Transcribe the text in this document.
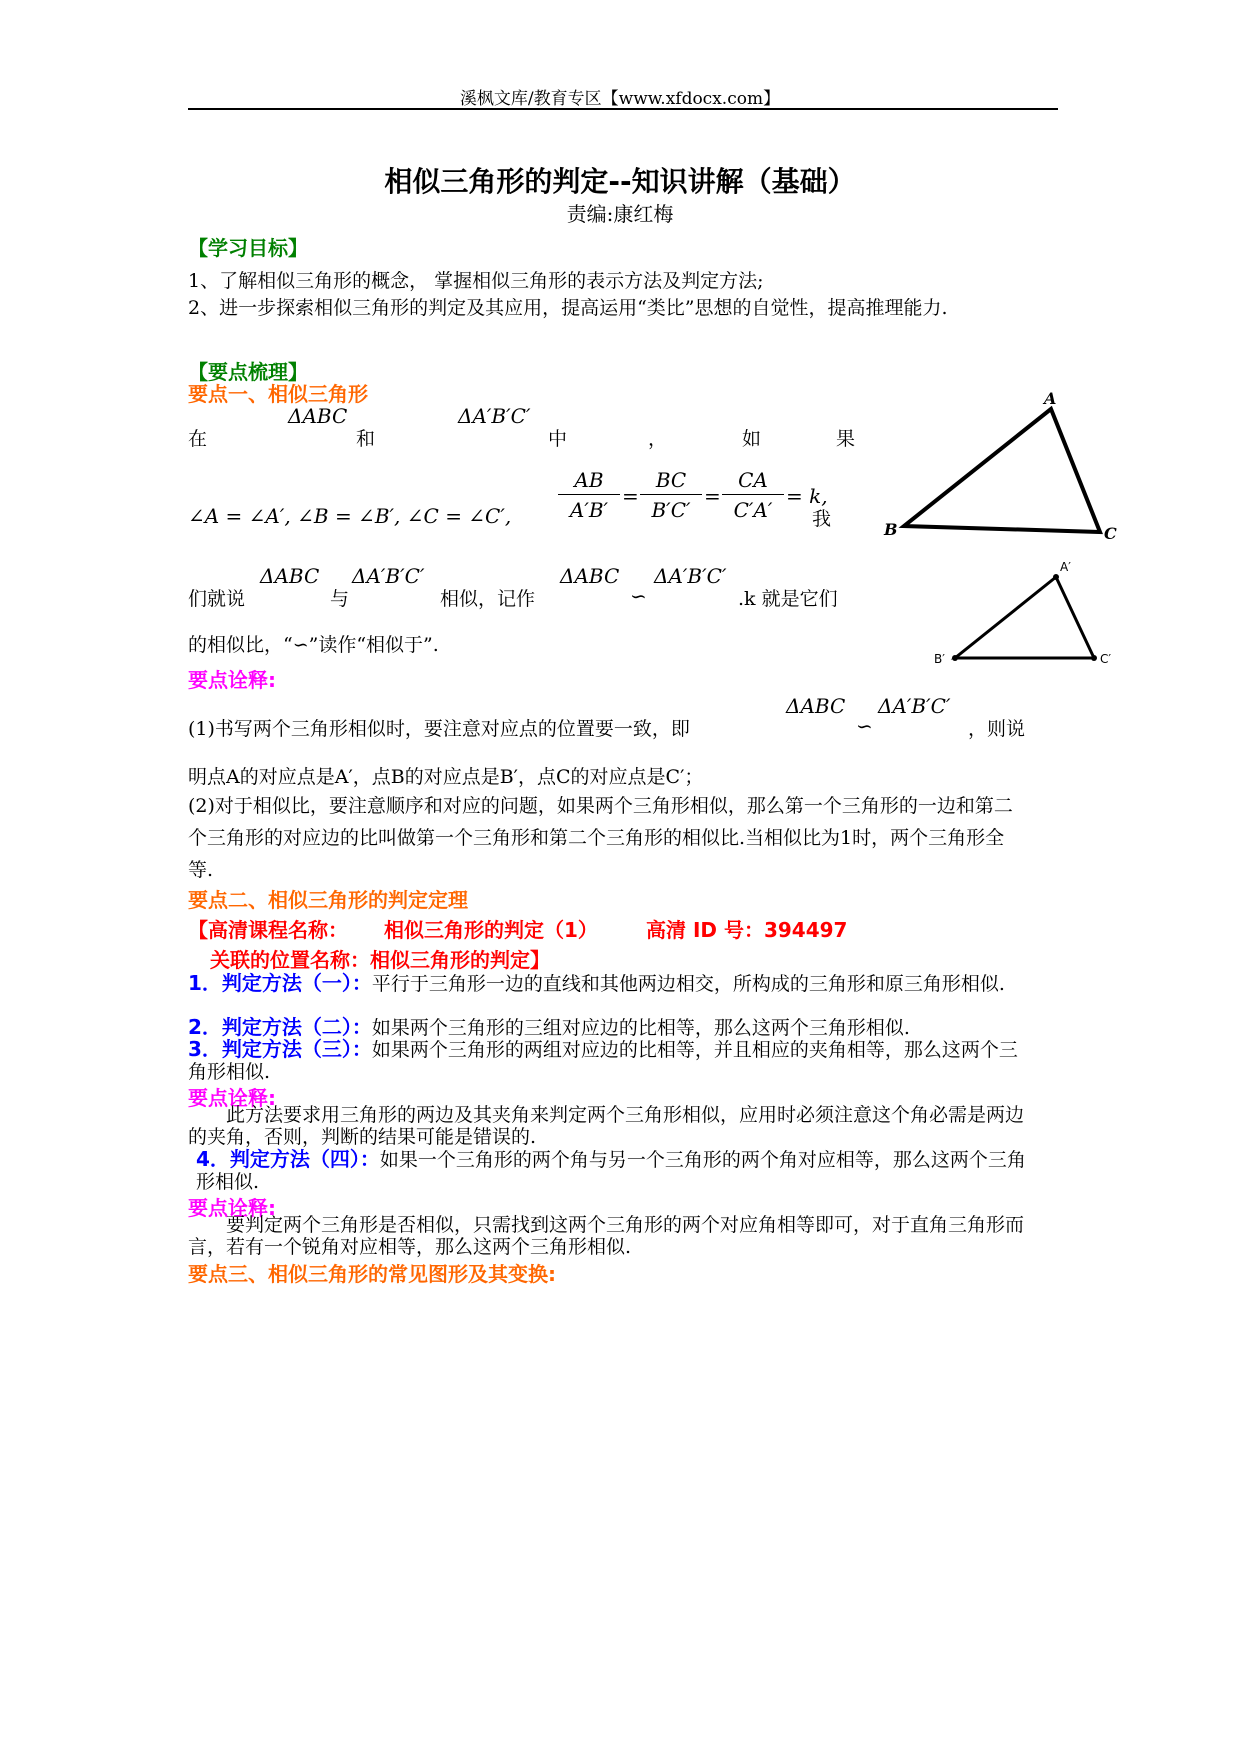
溪枫文库/教育专区【www.xfdocx.com】
相似三角形的判定--知识讲解（基础）
责编:康红梅
【学习目标】
1、了解相似三角形的概念， 掌握相似三角形的表示方法及判定方法;
2、进一步探索相似三角形的判定及其应用，提高运用“类比”思想的自觉性，提高推理能力.
【要点梳理】
要点一、相似三角形
在
ΔABC
和
ΔA′B′C′
中	，	如	果
∠A = ∠A′, ∠B = ∠B′, ∠C = ∠C′, $\frac{AB}{A'B'} = \frac{BC}{B'C'} = \frac{CA}{C'A'} = k$,
我
们就说
ΔABC
与
ΔA′B′C′
相似，记作
ΔABC
∽
ΔA′B′C′
.k 就是它们
的相似比，“∽”读作“相似于”.
要点诠释:
(1)书写两个三角形相似时，要注意对应点的位置要一致，即
ΔABC
∽
ΔA′B′C′
，则说
明点A的对应点是A′，点B的对应点是B′，点C的对应点是C′；
(2)对于相似比，要注意顺序和对应的问题，如果两个三角形相似，那么第一个三角形的一边和第二个三角形的对应边的比叫做第一个三角形和第二个三角形的相似比.当相似比为1时，两个三角形全等.
要点二、相似三角形的判定定理
【高清课程名称： 相似三角形的判定（1） 高清 ID 号：394497
关联的位置名称：相似三角形的判定】
1．判定方法（一）：平行于三角形一边的直线和其他两边相交，所构成的三角形和原三角形相似.
2．判定方法（二）：如果两个三角形的三组对应边的比相等，那么这两个三角形相似.
3．判定方法（三）：如果两个三角形的两组对应边的比相等，并且相应的夹角相等，那么这两个三角形相似.
要点诠释:
此方法要求用三角形的两边及其夹角来判定两个三角形相似，应用时必须注意这个角必需是两边的夹角，否则，判断的结果可能是错误的.
4．判定方法（四）：如果一个三角形的两个角与另一个三角形的两个角对应相等，那么这两个三角形相似.
要点诠释:
要判定两个三角形是否相似，只需找到这两个三角形的两个对应角相等即可，对于直角三角形而言，若有一个锐角对应相等，那么这两个三角形相似.
要点三、相似三角形的常见图形及其变换:
A
B	C
A′
B′	C′
